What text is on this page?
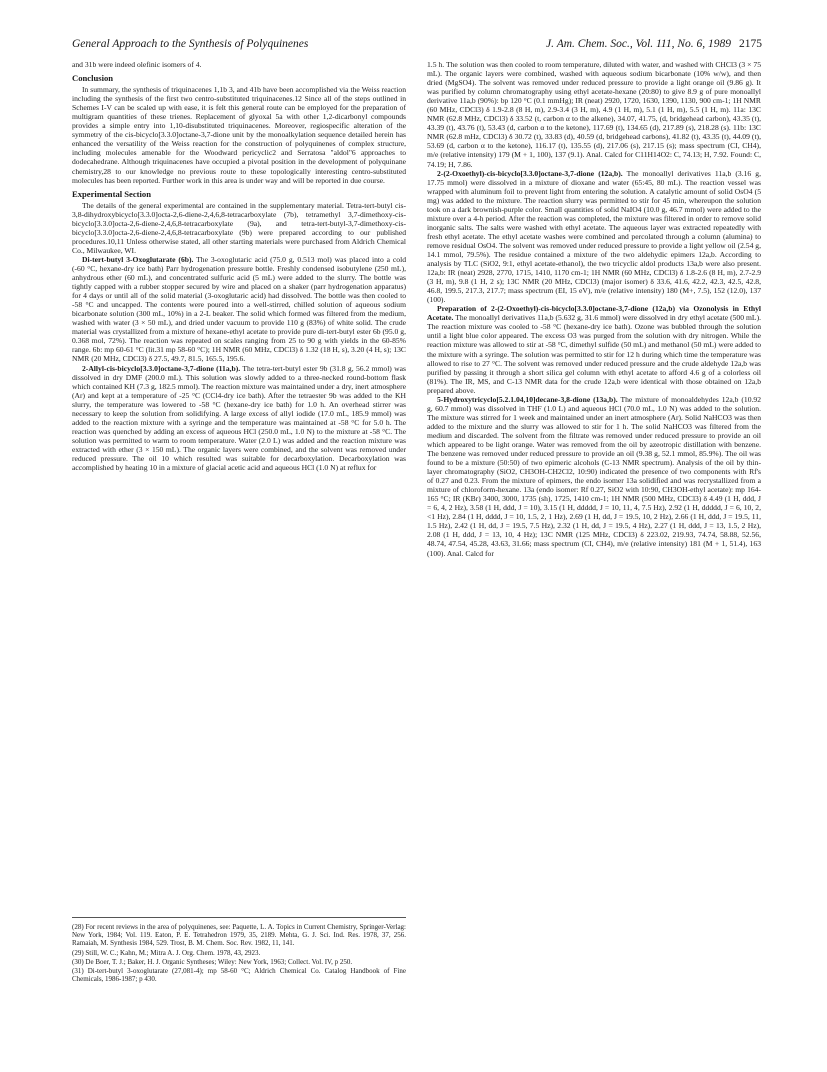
General Approach to the Synthesis of Polyquinenes	J. Am. Chem. Soc., Vol. 111, No. 6, 1989 2175

and 31b were indeed olefinic isomers of 4.

Conclusion

In summary, the synthesis of triquinacenes 1,1b 3, and 41b have been accomplished via the Weiss reaction including the synthesis of the first two centro-substituted triquinacenes.12 Since all of the steps outlined in Schemes I-V can be scaled up with ease, it is felt this general route can be employed for the preparation of multigram quantities of these trienes. Replacement of glyoxal 5a with other 1,2-dicarbonyl compounds provides a simple entry into 1,10-disubstituted triquinacenes. Moreover, regiospecific alteration of the symmetry of the cis-bicyclo[3.3.0]octane-3,7-dione unit by the monoalkylation sequence detailed herein has enhanced the versatility of the Weiss reaction for the construction of polyquinenes of complex structure, including molecules amenable for the Woodward pericyclic2 and Serratosa "aldol"6 approaches to dodecahedrane. Although triquinacenes have occupied a pivotal position in the development of polyquinane chemistry,28 to our knowledge no previous route to these topologically interesting centro-substituted molecules has been reported. Further work in this area is under way and will be reported in due course.

Experimental Section

The details of the general experimental are contained in the supplementary material. Tetra-tert-butyl cis-3,8-dihydroxybicyclo[3.3.0]octa-2,6-diene-2,4,6,8-tetracarboxylate (7b), tetramethyl 3,7-dimethoxy-cis-bicyclo[3.3.0]octa-2,6-diene-2,4,6,8-tetracarboxylate (9a), and tetra-tert-butyl-3,7-dimethoxy-cis-bicyclo[3.3.0]octa-2,6-diene-2,4,6,8-tetracarboxylate (9b) were prepared according to our published procedures.10,11 Unless otherwise stated, all other starting materials were purchased from Aldrich Chemical Co., Milwaukee, WI.

Di-tert-butyl 3-Oxoglutarate (6b). The 3-oxoglutaric acid (75.0 g, 0.513 mol) was placed into a cold (-60 °C, hexane-dry ice bath) Parr hydrogenation pressure bottle. Freshly condensed isobutylene (250 mL), anhydrous ether (60 mL), and concentrated sulfuric acid (5 mL) were added to the slurry. The bottle was tightly capped with a rubber stopper secured by wire and placed on a shaker (parr hydrogenation apparatus) for 4 days or until all of the solid material (3-oxoglutaric acid) had dissolved. The bottle was then cooled to -58 °C and uncapped. The contents were poured into a well-stirred, chilled solution of aqueous sodium bicarbonate solution (300 mL, 10%) in a 2-L beaker. The solid which formed was filtered from the medium, washed with water (3 × 50 mL), and dried under vacuum to provide 110 g (83%) of white solid. The crude material was crystallized from a mixture of hexane-ethyl acetate to provide pure di-tert-butyl ester 6b (95.0 g, 0.368 mol, 72%). The reaction was repeated on scales ranging from 25 to 90 g with yields in the 60-85% range. 6b: mp 60-61 °C (lit.31 mp 58-60 °C); 1H NMR (60 MHz, CDCl3) δ 1.32 (18 H, s), 3.20 (4 H, s); 13C NMR (20 MHz, CDCl3) δ 27.5, 49.7, 81.5, 165.5, 195.6.

2-Allyl-cis-bicyclo[3.3.0]octane-3,7-dione (11a,b). The tetra-tert-butyl ester 9b (31.8 g, 56.2 mmol) was dissolved in dry DMF (200.0 mL). This solution was slowly added to a three-necked round-bottom flask which contained KH (7.3 g, 182.5 mmol). The reaction mixture was maintained under a dry, inert atmosphere (Ar) and kept at a temperature of -25 °C (CCl4-dry ice bath). After the tetraester 9b was added to the KH slurry, the temperature was lowered to -58 °C (hexane-dry ice bath) for 1.0 h. An overhead stirrer was necessary to keep the solution from solidifying. A large excess of allyl iodide (17.0 mL, 185.9 mmol) was added to the reaction mixture with a syringe and the temperature was maintained at -58 °C for 5.0 h. The reaction was quenched by adding an excess of aqueous HCl (250.0 mL, 1.0 N) to the mixture at -58 °C. The solution was permitted to warm to room temperature. Water (2.0 L) was added and the reaction mixture was extracted with ether (3 × 150 mL). The organic layers were combined, and the solvent was removed under reduced pressure. The oil 10 which resulted was suitable for decarboxylation. Decarboxylation was accomplished by heating 10 in a mixture of glacial acetic acid and aqueous HCl (1.0 N) at reflux for

(28) For recent reviews in the area of polyquinenes, see: Paquette, L. A. Topics in Current Chemistry, Springer-Verlag: New York, 1984; Vol. 119. Eaton, P. E. Tetrahedron 1979, 35, 2189. Mehta, G. J. Sci. Ind. Res. 1978, 37, 256. Ramaiah, M. Synthesis 1984, 529. Trost, B. M. Chem. Soc. Rev. 1982, 11, 141.
(29) Still, W. C.; Kahn, M.; Mitra A. J. Org. Chem. 1978, 43, 2923.
(30) De Boer, T. J.; Baker, H. J. Organic Syntheses; Wiley: New York, 1963; Collect. Vol. IV, p 250.
(31) Di-tert-butyl 3-oxoglutarate (27,081-4); mp 58-60 °C; Aldrich Chemical Co. Catalog Handbook of Fine Chemicals, 1986-1987; p 430.

1.5 h. The solution was then cooled to room temperature, diluted with water, and washed with CHCl3 (3 × 75 mL). The organic layers were combined, washed with aqueous sodium bicarbonate (10% w/w), and then dried (MgSO4). The solvent was removed under reduced pressure to provide a light orange oil (9.86 g). It was purified by column chromatography using ethyl acetate-hexane (20:80) to give 8.9 g of pure monoallyl derivative 11a,b (90%): bp 120 °C (0.1 mmHg); IR (neat) 2920, 1720, 1630, 1390, 1130, 900 cm-1; 1H NMR (60 MHz, CDCl3) δ 1.9-2.8 (8 H, m), 2.9-3.4 (3 H, m), 4.9 (1 H, m), 5.1 (1 H, m), 5.5 (1 H, m). 11a: 13C NMR (62.8 MHz, CDCl3) δ 33.52 (t, carbon α to the alkene), 34.07, 41.75, (d, bridgehead carbon), 43.35 (t), 43.39 (t), 43.76 (t), 53.43 (d, carbon α to the ketone), 117.69 (t), 134.65 (d), 217.89 (s), 218.28 (s). 11b: 13C NMR (62.8 mHz, CDCl3) δ 30.72 (t), 33.83 (d), 40.59 (d, bridgehead carbons), 41.82 (t), 43.35 (t), 44.09 (t), 53.69 (d, carbon α to the ketone), 116.17 (t), 135.55 (d), 217.06 (s), 217.15 (s); mass spectrum (CI, CH4), m/e (relative intensity) 179 (M + 1, 100), 137 (9.1). Anal. Calcd for C11H14O2: C, 74.13; H, 7.92. Found: C, 74.19; H, 7.86.

2-(2-Oxoethyl)-cis-bicyclo[3.3.0]octane-3,7-dione (12a,b). The monoallyl derivatives 11a,b (3.16 g, 17.75 mmol) were dissolved in a mixture of dioxane and water (65:45, 80 mL). The reaction vessel was wrapped with aluminum foil to prevent light from entering the solution. A catalytic amount of solid OsO4 (5 mg) was added to the mixture. The reaction slurry was permitted to stir for 45 min, whereupon the solution took on a dark brownish-purple color. Small quantities of solid NaIO4 (10.0 g, 46.7 mmol) were added to the mixture over a 4-h period. After the reaction was completed, the mixture was filtered in order to remove solid inorganic salts. The salts were washed with ethyl acetate. The aqueous layer was extracted repeatedly with fresh ethyl acetate. The ethyl acetate washes were combined and percolated through a column (alumina) to remove residual OsO4. The solvent was removed under reduced pressure to provide a light yellow oil (2.54 g, 14.1 mmol, 79.5%). The residue contained a mixture of the two aldehydic epimers 12a,b. According to analysis by TLC (SiO2, 9:1, ethyl acetate-ethanol), the two tricyclic aldol products 13a,b were also present. 12a,b: IR (neat) 2928, 2770, 1715, 1410, 1170 cm-1; 1H NMR (60 MHz, CDCl3) δ 1.8-2.6 (8 H, m), 2.7-2.9 (3 H, m), 9.8 (1 H, 2 s); 13C NMR (20 MHz, CDCl3) (major isomer) δ 33.6, 41.6, 42.2, 42.3, 42.5, 42.8, 46.8, 199.5, 217.3, 217.7; mass spectrum (EI, 15 eV), m/e (relative intensity) 180 (M+, 7.5), 152 (12.0), 137 (100).

Preparation of 2-(2-Oxoethyl)-cis-bicyclo[3.3.0]octane-3,7-dione (12a,b) via Ozonolysis in Ethyl Acetate. The monoallyl derivatives 11a,b (5.632 g, 31.6 mmol) were dissolved in dry ethyl acetate (500 mL). The reaction mixture was cooled to -58 °C (hexane-dry ice bath). Ozone was bubbled through the solution until a light blue color appeared. The excess O3 was purged from the solution with dry nitrogen. While the reaction mixture was allowed to stir at -58 °C, dimethyl sulfide (50 mL) and methanol (50 mL) were added to the mixture with a syringe. The solution was permitted to stir for 12 h during which time the temperature was allowed to rise to 27 °C. The solvent was removed under reduced pressure and the crude aldehyde 12a,b was purified by passing it through a short silica gel column with ethyl acetate to afford 4.6 g of a colorless oil (81%). The IR, MS, and C-13 NMR data for the crude 12a,b were identical with those obtained on 12a,b prepared above.

5-Hydroxytricyclo[5.2.1.04,10]decane-3,8-dione (13a,b). The mixture of monoaldehydes 12a,b (10.92 g, 60.7 mmol) was dissolved in THF (1.0 L) and aqueous HCl (70.0 mL, 1.0 N) was added to the solution. The mixture was stirred for 1 week and maintained under an inert atmosphere (Ar). Solid NaHCO3 was then added to the mixture and the slurry was allowed to stir for 1 h. The solid NaHCO3 was filtered from the medium and discarded. The solvent from the filtrate was removed under reduced pressure to provide an oil which appeared to be light orange. Water was removed from the oil by azeotropic distillation with benzene. The benzene was removed under reduced pressure to provide an oil (9.38 g, 52.1 mmol, 85.9%). The oil was found to be a mixture (50:50) of two epimeric alcohols (C-13 NMR spectrum). Analysis of the oil by thin-layer chromatography (SiO2, CH3OH-CH2Cl2, 10:90) indicated the presence of two components with Rf's of 0.27 and 0.23. From the mixture of epimers, the endo isomer 13a solidified and was recrystallized from a mixture of chloroform-hexane. 13a (endo isomer: Rf 0.27, SiO2 with 10:90, CH3OH-ethyl acetate): mp 164-165 °C; IR (KBr) 3400, 3000, 1735 (sh), 1725, 1410 cm-1; 1H NMR (500 MHz, CDCl3) δ 4.49 (1 H, ddd, J = 6, 4, 2 Hz), 3.58 (1 H, ddd, J = 10), 3.15 (1 H, ddddd, J = 10, 11, 4, 7.5 Hz), 2.92 (1 H, ddddd, J = 6, 10, 2, <1 Hz), 2.84 (1 H, dddd, J = 10, 1.5, 2, 1 Hz), 2.69 (1 H, dd, J = 19.5, 10, 2 Hz), 2.66 (1 H, ddd, J = 19.5, 11, 1.5 Hz), 2.42 (1 H, dd, J = 19.5, 7.5 Hz), 2.32 (1 H, dd, J = 19.5, 4 Hz), 2.27 (1 H, ddd, J = 13, 1.5, 2 Hz), 2.08 (1 H, ddd, J = 13, 10, 4 Hz); 13C NMR (125 MHz, CDCl3) δ 223.02, 219.93, 74.74, 58.88, 52.56, 48.74, 47.54, 45.28, 43.63, 31.66; mass spectrum (CI, CH4), m/e (relative intensity) 181 (M + 1, 51.4), 163 (100). Anal. Calcd for
